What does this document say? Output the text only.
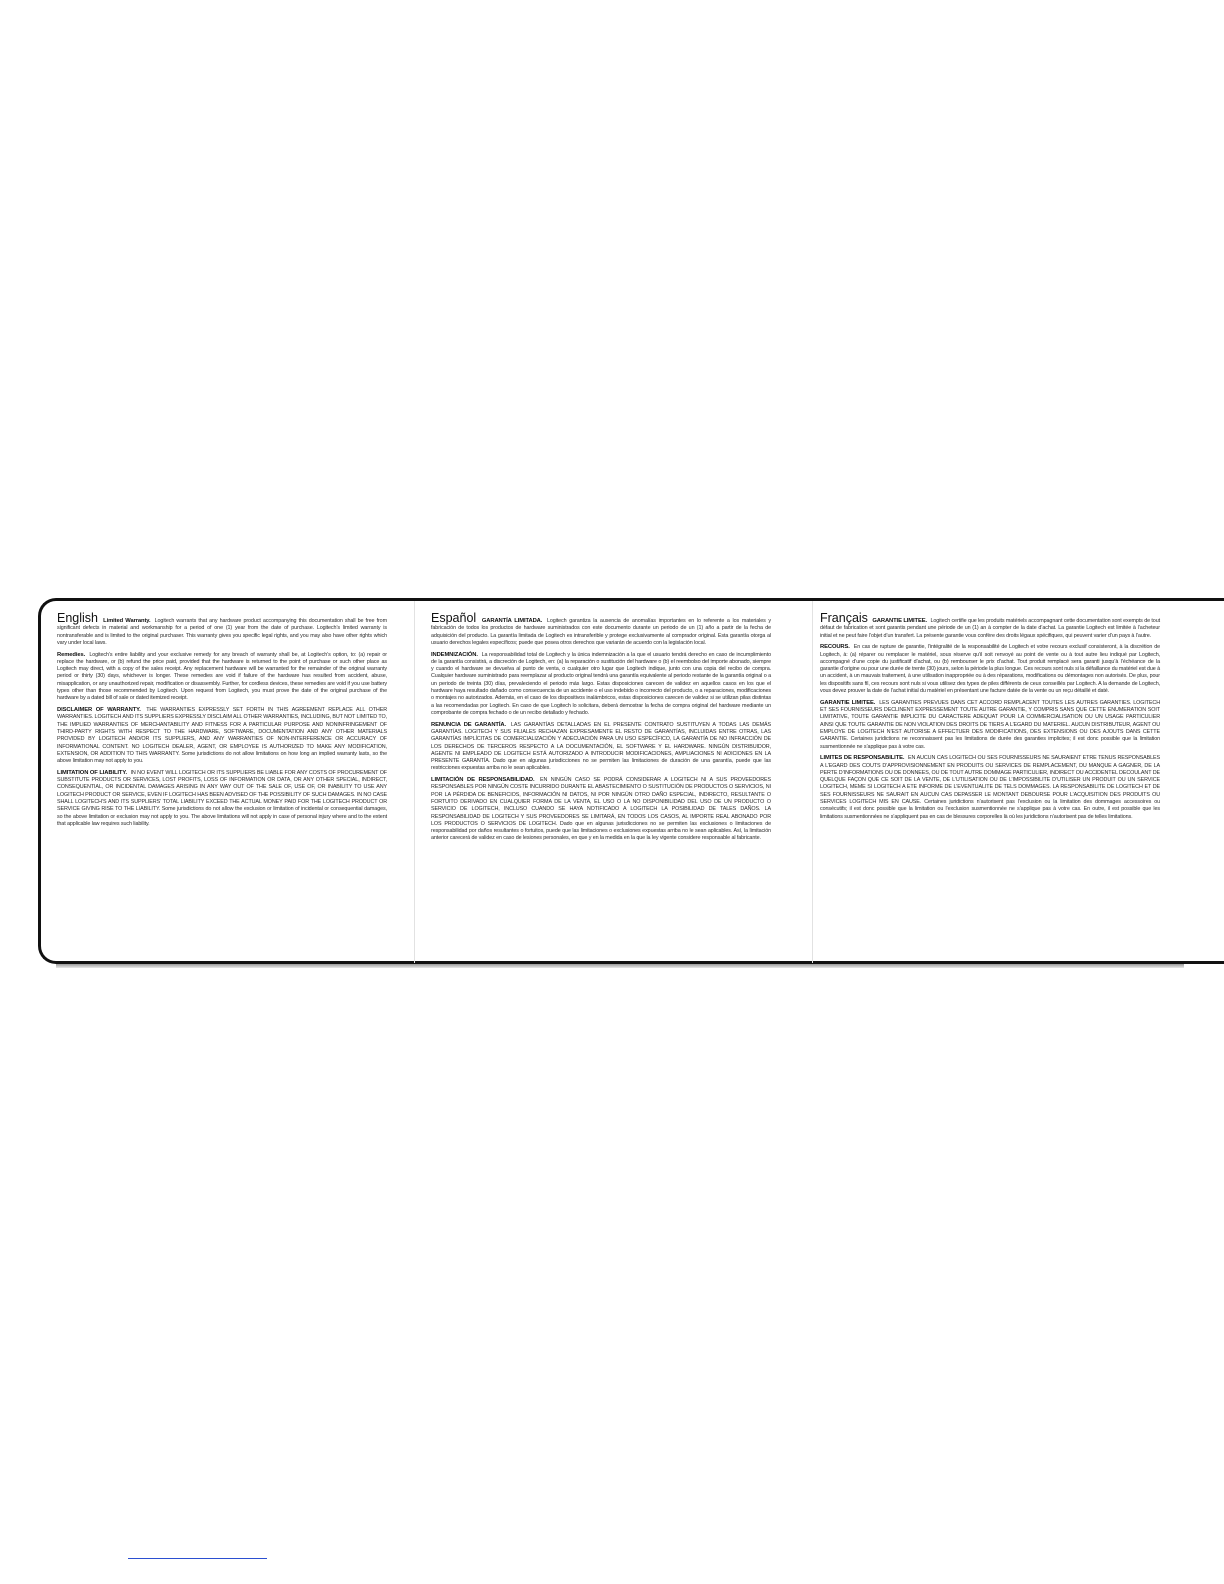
English Limited Warranty. Logitech warrants that any hardware product accompanying this documentation shall be free from significant defects in material and workmanship for a period of one (1) year from the date of purchase. Logitech’s limited warranty is nontransferable and is limited to the original purchaser. This warranty gives you specific legal rights, and you may also have other rights which vary under local laws.

Remedies. Logitech’s entire liability and your exclusive remedy for any breach of warranty shall be, at Logitech’s option, to: (a) repair or replace the hardware, or (b) refund the price paid, provided that the hardware is returned to the point of purchase or such other place as Logitech may direct, with a copy of the sales receipt. Any replacement hardware will be warranted for the remainder of the original warranty period or thirty (30) days, whichever is longer. These remedies are void if failure of the hardware has resulted from accident, abuse, misapplication, or any unauthorized repair, modification or disassembly. Further, for cordless devices, these remedies are void if you use battery types other than those recommended by Logitech. Upon request from Logitech, you must prove the date of the original purchase of the hardware by a dated bill of sale or dated itemized receipt.

DISCLAIMER OF WARRANTY. THE WARRANTIES EXPRESSLY SET FORTH IN THIS AGREEMENT REPLACE ALL OTHER WARRANTIES. LOGITECH AND ITS SUPPLIERS EXPRESSLY DISCLAIM ALL OTHER WARRANTIES, INCLUDING, BUT NOT LIMITED TO, THE IMPLIED WARRANTIES OF MERCHANTABILITY AND FITNESS FOR A PARTICULAR PURPOSE AND NONINFRINGEMENT OF THIRD-PARTY RIGHTS WITH RESPECT TO THE HARDWARE, SOFTWARE, DOCUMENTATION AND ANY OTHER MATERIALS PROVIDED BY LOGITECH AND/OR ITS SUPPLIERS, AND ANY WARRANTIES OF NON-INTERFERENCE OR ACCURACY OF INFORMATIONAL CONTENT. NO LOGITECH DEALER, AGENT, OR EMPLOYEE IS AUTHORIZED TO MAKE ANY MODIFICATION, EXTENSION, OR ADDITION TO THIS WARRANTY. Some jurisdictions do not allow limitations on how long an implied warranty lasts, so the above limitation may not apply to you.

LIMITATION OF LIABILITY. IN NO EVENT WILL LOGITECH OR ITS SUPPLIERS BE LIABLE FOR ANY COSTS OF PROCUREMENT OF SUBSTITUTE PRODUCTS OR SERVICES, LOST PROFITS, LOSS OF INFORMATION OR DATA, OR ANY OTHER SPECIAL, INDIRECT, CONSEQUENTIAL, OR INCIDENTAL DAMAGES ARISING IN ANY WAY OUT OF THE SALE OF, USE OF, OR INABILITY TO USE ANY LOGITECH PRODUCT OR SERVICE, EVEN IF LOGITECH HAS BEEN ADVISED OF THE POSSIBILITY OF SUCH DAMAGES. IN NO CASE SHALL LOGITECH’S AND ITS SUPPLIERS’ TOTAL LIABILITY EXCEED THE ACTUAL MONEY PAID FOR THE LOGITECH PRODUCT OR SERVICE GIVING RISE TO THE LIABILITY. Some jurisdictions do not allow the exclusion or limitation of incidental or consequential damages, so the above limitation or exclusion may not apply to you. The above limitations will not apply in case of personal injury where and to the extent that applicable law requires such liability.

Español GARANTÍA LIMITADA. Logitech garantiza la ausencia de anomalías importantes en lo referente a los materiales y fabricación de todos los productos de hardware suministrados con este documento durante un periodo de un (1) año a partir de la fecha de adquisición del producto. La garantía limitada de Logitech es intransferible y protege exclusivamente al comprador original. Esta garantía otorga al usuario derechos legales específicos; puede que posea otros derechos que variarán de acuerdo con la legislación local.

INDEMNIZACIÓN. La responsabilidad total de Logitech y la única indemnización a la que el usuario tendrá derecho en caso de incumplimiento de la garantía consistirá, a discreción de Logitech, en: (a) la reparación o sustitución del hardware o (b) el reembolso del importe abonado, siempre y cuando el hardware se devuelva al punto de venta, o cualquier otro lugar que Logitech indique, junto con una copia del recibo de compra. Cualquier hardware suministrado para reemplazar al producto original tendrá una garantía equivalente al periodo restante de la garantía original o a un periodo de treinta (30) días, prevaleciendo el periodo más largo. Estas disposiciones carecen de validez en aquellos casos en los que el hardware haya resultado dañado como consecuencia de un accidente o el uso indebido o incorrecto del producto, o a reparaciones, modificaciones o montajes no autorizados. Además, en el caso de los dispositivos inalámbricos, estas disposiciones carecen de validez si se utilizan pilas distintas a las recomendadas por Logitech. En caso de que Logitech lo solicitara, deberá demostrar la fecha de compra original del hardware mediante un comprobante de compra fechado o de un recibo detallado y fechado.

RENUNCIA DE GARANTÍA. LAS GARANTÍAS DETALLADAS EN EL PRESENTE CONTRATO SUSTITUYEN A TODAS LAS DEMÁS GARANTÍAS. LOGITECH Y SUS FILIALES RECHAZAN EXPRESAMENTE EL RESTO DE GARANTÍAS, INCLUIDAS ENTRE OTRAS, LAS GARANTÍAS IMPLÍCITAS DE COMERCIALIZACIÓN Y ADECUACIÓN PARA UN USO ESPECÍFICO, LA GARANTÍA DE NO INFRACCIÓN DE LOS DERECHOS DE TERCEROS RESPECTO A LA DOCUMENTACIÓN, EL SOFTWARE Y EL HARDWARE. NINGÚN DISTRIBUIDOR, AGENTE NI EMPLEADO DE LOGITECH ESTÁ AUTORIZADO A INTRODUCIR MODIFICACIONES, AMPLIACIONES NI ADICIONES EN LA PRESENTE GARANTÍA. Dado que en algunas jurisdicciones no se permiten las limitaciones de duración de una garantía, puede que las restricciones expuestas arriba no le sean aplicables.

LIMITACIÓN DE RESPONSABILIDAD. EN NINGÚN CASO SE PODRÁ CONSIDERAR A LOGITECH NI A SUS PROVEEDORES RESPONSABLES POR NINGÚN COSTE INCURRIDO DURANTE EL ABASTECIMIENTO O SUSTITUCIÓN DE PRODUCTOS O SERVICIOS, NI POR LA PÉRDIDA DE BENEFICIOS, INFORMACIÓN NI DATOS, NI POR NINGÚN OTRO DAÑO ESPECIAL, INDIRECTO, RESULTANTE O FORTUITO DERIVADO EN CUALQUIER FORMA DE LA VENTA, EL USO O LA NO DISPONIBILIDAD DEL USO DE UN PRODUCTO O SERVICIO DE LOGITECH, INCLUSO CUANDO SE HAYA NOTIFICADO A LOGITECH LA POSIBILIDAD DE TALES DAÑOS. LA RESPONSABILIDAD DE LOGITECH Y SUS PROVEEDORES SE LIMITARÁ, EN TODOS LOS CASOS, AL IMPORTE REAL ABONADO POR LOS PRODUCTOS O SERVICIOS DE LOGITECH. Dado que en algunas jurisdicciones no se permiten las exclusiones o limitaciones de responsabilidad por daños resultantes o fortuitos, puede que las limitaciones o exclusiones expuestas arriba no le sean aplicables. Así, la limitación anterior carecerá de validez en caso de lesiones personales, en que y en la medida en la que la ley vigente considere responsable al fabricante.

Français GARANTIE LIMITEE. Logitech certifie que les produits matériels accompagnant cette documentation sont exempts de tout défaut de fabrication et sont garantis pendant une période de un (1) an à compter de la date d’achat. La garantie Logitech est limitée à l’acheteur initial et ne peut faire l’objet d’un transfert. La présente garantie vous confère des droits légaux spécifiques, qui peuvent varier d’un pays à l’autre.

RECOURS. En cas de rupture de garantie, l’intégralité de la responsabilité de Logitech et votre recours exclusif consisteront, à la discrétion de Logitech, à: (a) réparer ou remplacer le matériel, sous réserve qu’il soit renvoyé au point de vente ou à tout autre lieu indiqué par Logitech, accompagné d’une copie du justificatif d’achat, ou (b) rembourser le prix d’achat. Tout produit remplacé sera garanti jusqu’à l’échéance de la garantie d’origine ou pour une durée de trente (30) jours, selon la période la plus longue. Ces recours sont nuls si la défaillance du matériel est due à un accident, à un mauvais traitement, à une utilisation inappropriée ou à des réparations, modifications ou démontages non autorisés. De plus, pour les dispositifs sans fil, ces recours sont nuls si vous utilisez des types de piles différents de ceux conseillés par Logitech. A la demande de Logitech, vous devez prouver la date de l’achat initial du matériel en présentant une facture datée de la vente ou un reçu détaillé et daté.

GARANTIE LIMITEE. LES GARANTIES PREVUES DANS CET ACCORD REMPLACENT TOUTES LES AUTRES GARANTIES. LOGITECH ET SES FOURNISSEURS DECLINENT EXPRESSEMENT TOUTE AUTRE GARANTIE, Y COMPRIS SANS QUE CETTE ENUMERATION SOIT LIMITATIVE, TOUTE GARANTIE IMPLICITE DU CARACTERE ADEQUAT POUR LA COMMERCIALISATION OU UN USAGE PARTICULIER AINSI QUE TOUTE GARANTIE DE NON VIOLATION DES DROITS DE TIERS A L’EGARD DU MATERIEL. AUCUN DISTRIBUTEUR, AGENT OU EMPLOYE DE LOGITECH N’EST AUTORISE A EFFECTUER DES MODIFICATIONS, DES EXTENSIONS OU DES AJOUTS DANS CETTE GARANTIE. Certaines juridictions ne reconnaissent pas les limitations de durée des garanties implicites; il est donc possible que la limitation susmentionnée ne s’applique pas à votre cas.

LIMITES DE RESPONSABILITE. EN AUCUN CAS LOGITECH OU SES FOURNISSEURS NE SAURAIENT ETRE TENUS RESPONSABLES A L’EGARD DES COUTS D’APPROVISIONNEMENT EN PRODUITS OU SERVICES DE REMPLACEMENT, DU MANQUE A GAGNER, DE LA PERTE D’INFORMATIONS OU DE DONNEES, OU DE TOUT AUTRE DOMMAGE PARTICULIER, INDIRECT OU ACCIDENTEL DECOULANT DE QUELQUE FAÇON QUE CE SOIT DE LA VENTE, DE L’UTILISATION OU DE L’IMPOSSIBILITE D’UTILISER UN PRODUIT OU UN SERVICE LOGITECH, MEME SI LOGITECH A ETE INFORME DE L’EVENTUALITE DE TELS DOMMAGES. LA RESPONSABILITE DE LOGITECH ET DE SES FOURNISSEURS NE SAURAIT EN AUCUN CAS DEPASSER LE MONTANT DEBOURSE POUR L’ACQUISITION DES PRODUITS OU SERVICES LOGITECH MIS EN CAUSE. Certaines juridictions n’autorisent pas l’exclusion ou la limitation des dommages accessoires ou consécutifs; il est donc possible que la limitation ou l’exclusion susmentionnée ne s’applique pas à votre cas. En outre, il est possible que les limitations susmentionnées ne s’appliquent pas en cas de blessures corporelles là où les juridictions n’autorisent pas de telles limitations.
